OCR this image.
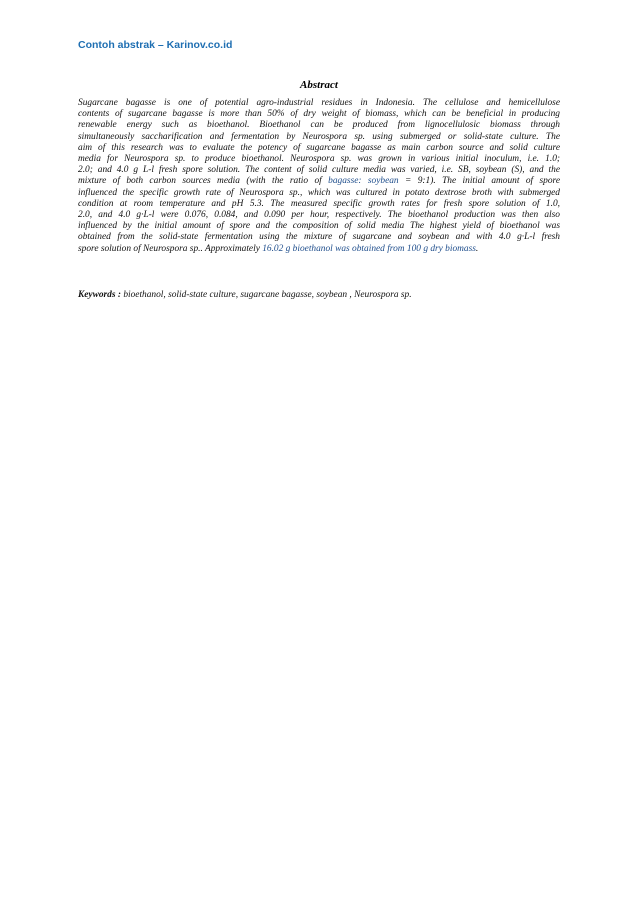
Contoh abstrak – Karinov.co.id
Abstract
Sugarcane bagasse is one of potential agro-industrial residues in Indonesia. The cellulose and hemicellulose
contents of sugarcane bagasse is more than 50% of dry weight of biomass, which can be beneficial in producing
renewable energy such as bioethanol. Bioethanol can be produced from lignocellulosic biomass through
simultaneously saccharification and fermentation by Neurospora sp. using submerged or solid-state culture. The
aim of this research was to evaluate the potency of sugarcane bagasse as main carbon source and solid culture
media for Neurospora sp. to produce bioethanol. Neurospora sp. was grown in various initial inoculum, i.e. 1.0;
2.0; and 4.0 g L-l fresh spore solution. The content of solid culture media was varied, i.e. SB, soybean (S), and the
mixture of both carbon sources media (with the ratio of bagasse: soybean = 9:1). The initial amount of spore
influenced the specific growth rate of Neurospora sp., which was cultured in potato dextrose broth with submerged
condition at room temperature and pH 5.3. The measured specific growth rates for fresh spore solution of 1.0,
2.0, and 4.0 g·L-l were 0.076, 0.084, and 0.090 per hour, respectively. The bioethanol production was then also
influenced by the initial amount of spore and the composition of solid media The highest yield of bioethanol was
obtained from the solid-state fermentation using the mixture of sugarcane and soybean and with 4.0 g·L-l fresh
spore solution of Neurospora sp.. Approximately 16.02 g bioethanol was obtained from 100 g dry biomass.

Keywords : bioethanol, solid-state culture, sugarcane bagasse, soybean , Neurospora sp.
